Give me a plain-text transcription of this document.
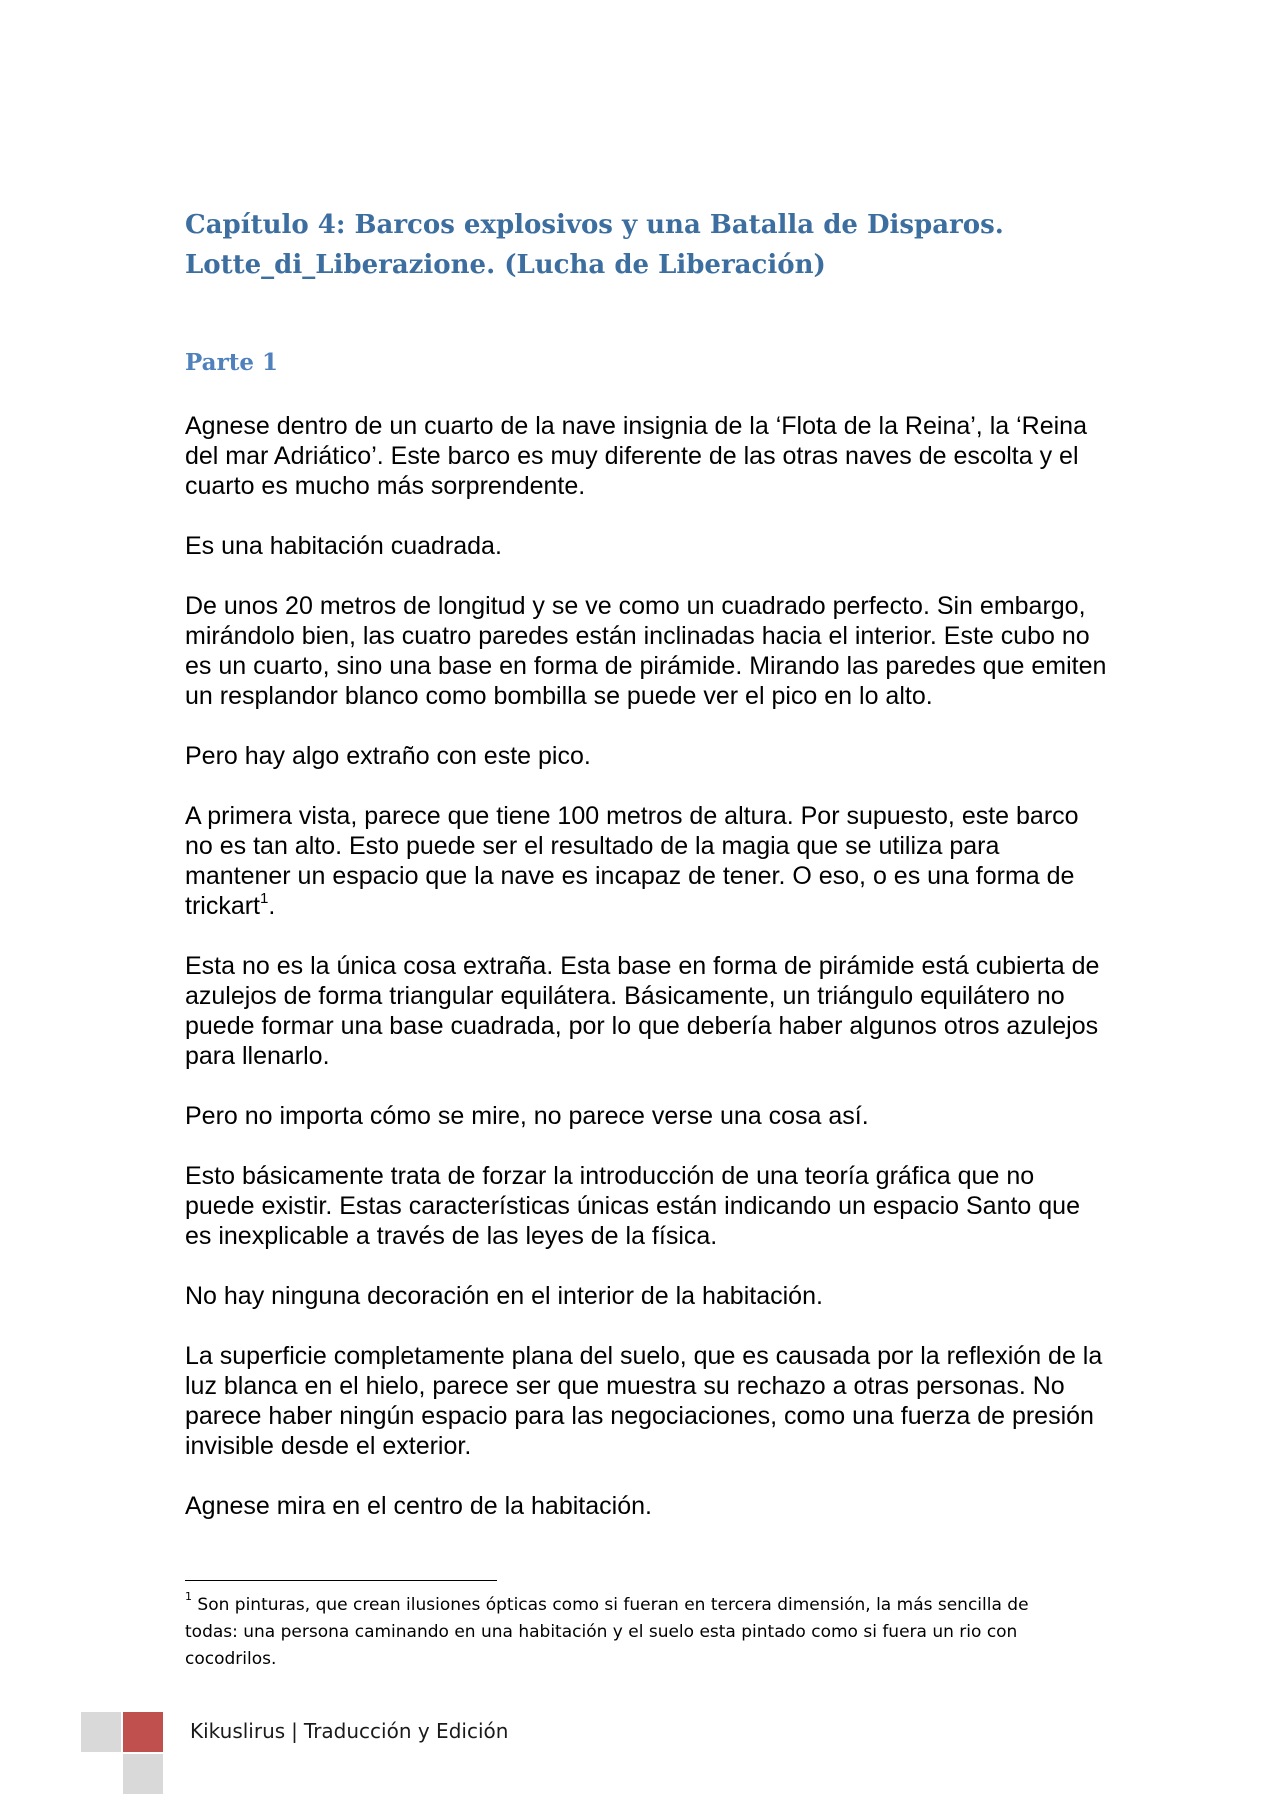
Capítulo 4: Barcos explosivos y una Batalla de Disparos.
Lotte_di_Liberazione. (Lucha de Liberación)
Parte 1

Agnese dentro de un cuarto de la nave insignia de la ‘Flota de la Reina’, la ‘Reina del mar Adriático’. Este barco es muy diferente de las otras naves de escolta y el cuarto es mucho más sorprendente.

Es una habitación cuadrada.

De unos 20 metros de longitud y se ve como un cuadrado perfecto. Sin embargo, mirándolo bien, las cuatro paredes están inclinadas hacia el interior. Este cubo no es un cuarto, sino una base en forma de pirámide. Mirando las paredes que emiten un resplandor blanco como bombilla se puede ver el pico en lo alto.

Pero hay algo extraño con este pico.

A primera vista, parece que tiene 100 metros de altura. Por supuesto, este barco no es tan alto. Esto puede ser el resultado de la magia que se utiliza para mantener un espacio que la nave es incapaz de tener. O eso, o es una forma de trickart$^1$.

Esta no es la única cosa extraña. Esta base en forma de pirámide está cubierta de azulejos de forma triangular equilátera. Básicamente, un triángulo equilátero no puede formar una base cuadrada, por lo que debería haber algunos otros azulejos para llenarlo.

Pero no importa cómo se mire, no parece verse una cosa así.

Esto básicamente trata de forzar la introducción de una teoría gráfica que no puede existir. Estas características únicas están indicando un espacio Santo que es inexplicable a través de las leyes de la física.

No hay ninguna decoración en el interior de la habitación.

La superficie completamente plana del suelo, que es causada por la reflexión de la luz blanca en el hielo, parece ser que muestra su rechazo a otras personas. No parece haber ningún espacio para las negociaciones, como una fuerza de presión invisible desde el exterior.

Agnese mira en el centro de la habitación.

$^1$ Son pinturas, que crean ilusiones ópticas como si fueran en tercera dimensión, la más sencilla de todas: una persona caminando en una habitación y el suelo esta pintado como si fuera un rio con cocodrilos.
Kikuslirus | Traducción y Edición
